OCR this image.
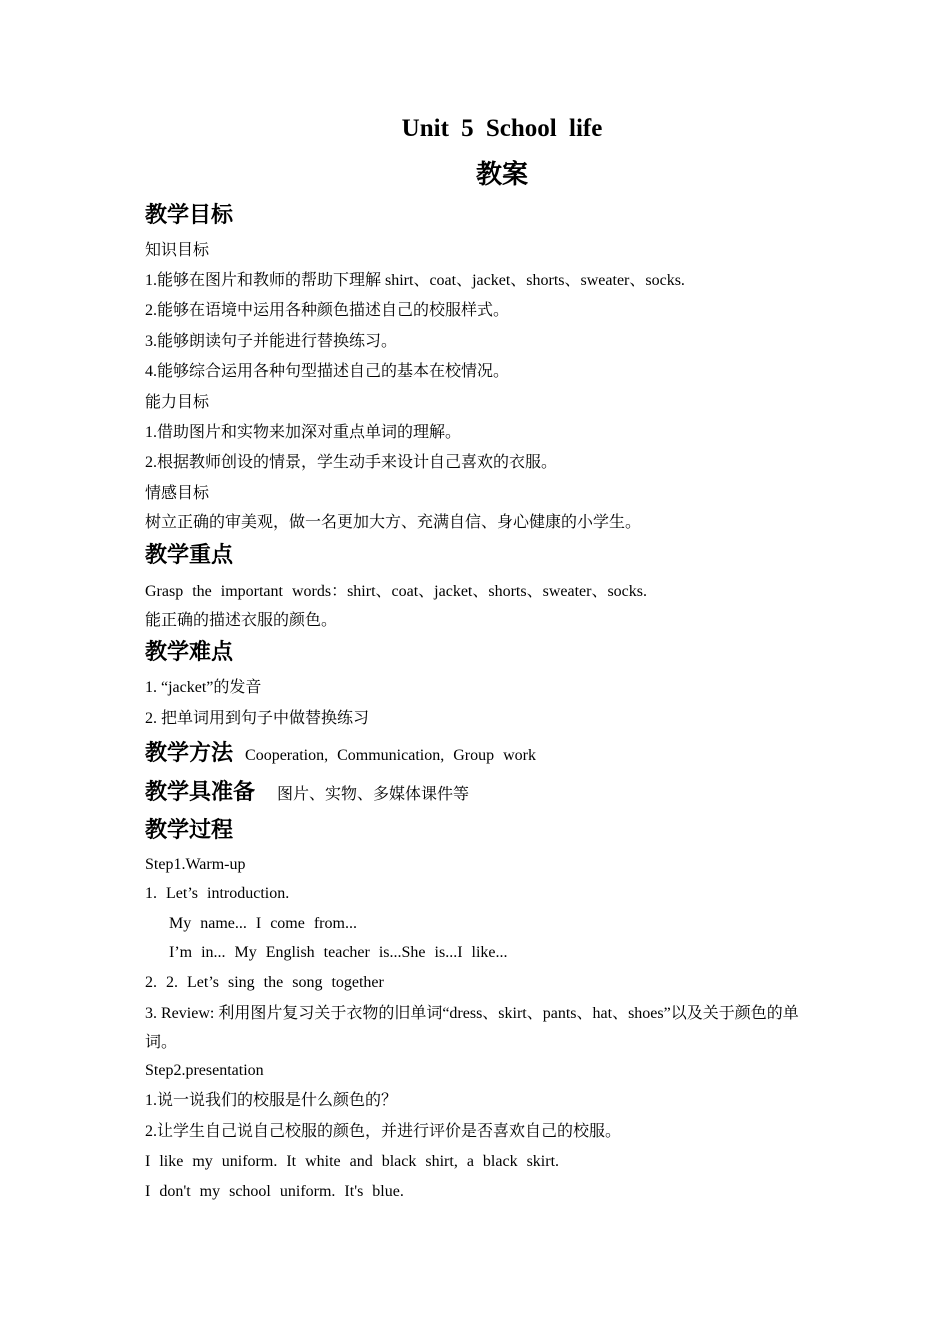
Unit 5 School life
教案
教学目标
知识目标
1.能够在图片和教师的帮助下理解 shirt、coat、jacket、shorts、sweater、socks.
2.能够在语境中运用各种颜色描述自己的校服样式。
3.能够朗读句子并能进行替换练习。
4.能够综合运用各种句型描述自己的基本在校情况。
能力目标
1.借助图片和实物来加深对重点单词的理解。
2.根据教师创设的情景，学生动手来设计自己喜欢的衣服。
情感目标
树立正确的审美观，做一名更加大方、充满自信、身心健康的小学生。
教学重点
Grasp the important words：shirt、coat、jacket、shorts、sweater、socks.
能正确的描述衣服的颜色。
教学难点
1. “jacket”的发音
2. 把单词用到句子中做替换练习
教学方法 Cooperation, Communication, Group work
教学具准备 图片、实物、多媒体课件等
教学过程
Step1.Warm-up
1. Let’s introduction.
My name... I come from...
I’m in... My English teacher is...She is...I like...
2. 2. Let’s sing the song together
3. Review: 利用图片复习关于衣物的旧单词“dress、skirt、pants、hat、shoes”以及关于颜色的单
词。
Step2.presentation
1.说一说我们的校服是什么颜色的？
2.让学生自己说自己校服的颜色，并进行评价是否喜欢自己的校服。
I like my uniform. It white and black shirt, a black skirt.
I don't my school uniform. It's blue.
